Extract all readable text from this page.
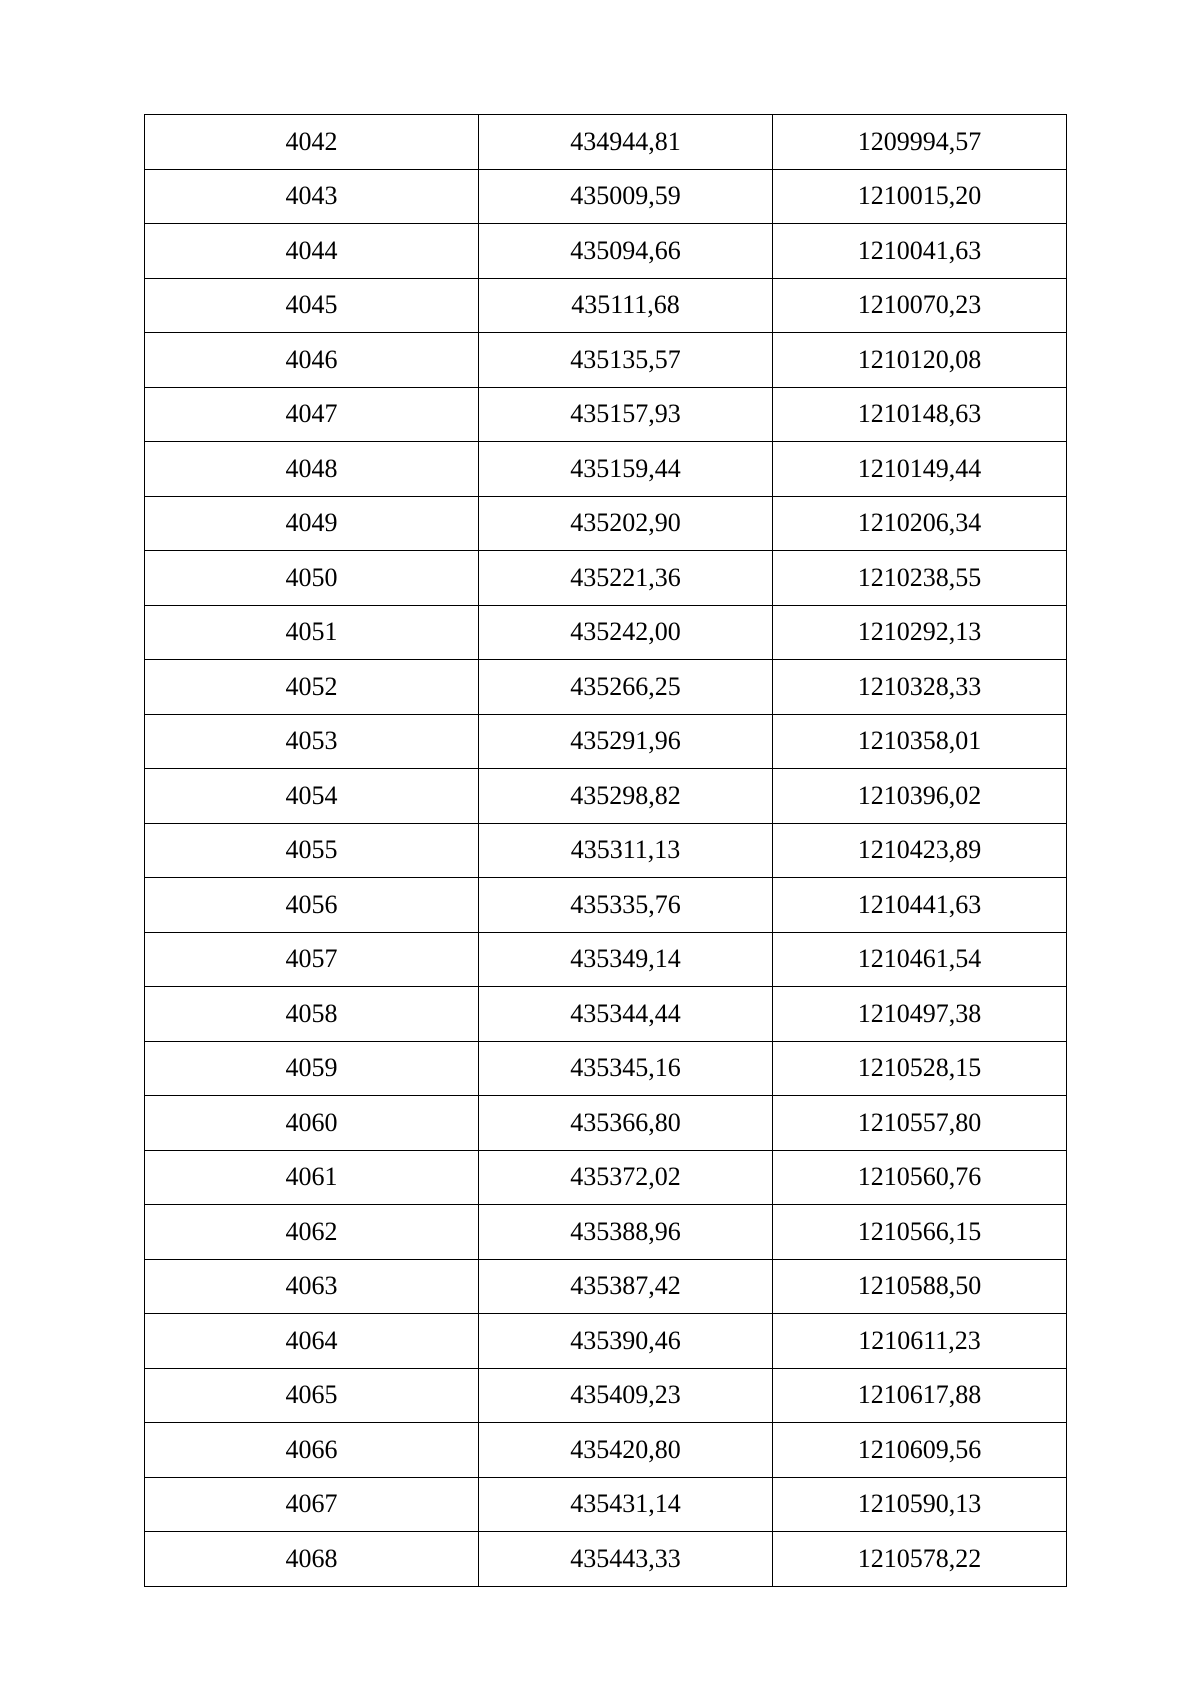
4042	434944,81	1209994,57
4043	435009,59	1210015,20
4044	435094,66	1210041,63
4045	435111,68	1210070,23
4046	435135,57	1210120,08
4047	435157,93	1210148,63
4048	435159,44	1210149,44
4049	435202,90	1210206,34
4050	435221,36	1210238,55
4051	435242,00	1210292,13
4052	435266,25	1210328,33
4053	435291,96	1210358,01
4054	435298,82	1210396,02
4055	435311,13	1210423,89
4056	435335,76	1210441,63
4057	435349,14	1210461,54
4058	435344,44	1210497,38
4059	435345,16	1210528,15
4060	435366,80	1210557,80
4061	435372,02	1210560,76
4062	435388,96	1210566,15
4063	435387,42	1210588,50
4064	435390,46	1210611,23
4065	435409,23	1210617,88
4066	435420,80	1210609,56
4067	435431,14	1210590,13
4068	435443,33	1210578,22
